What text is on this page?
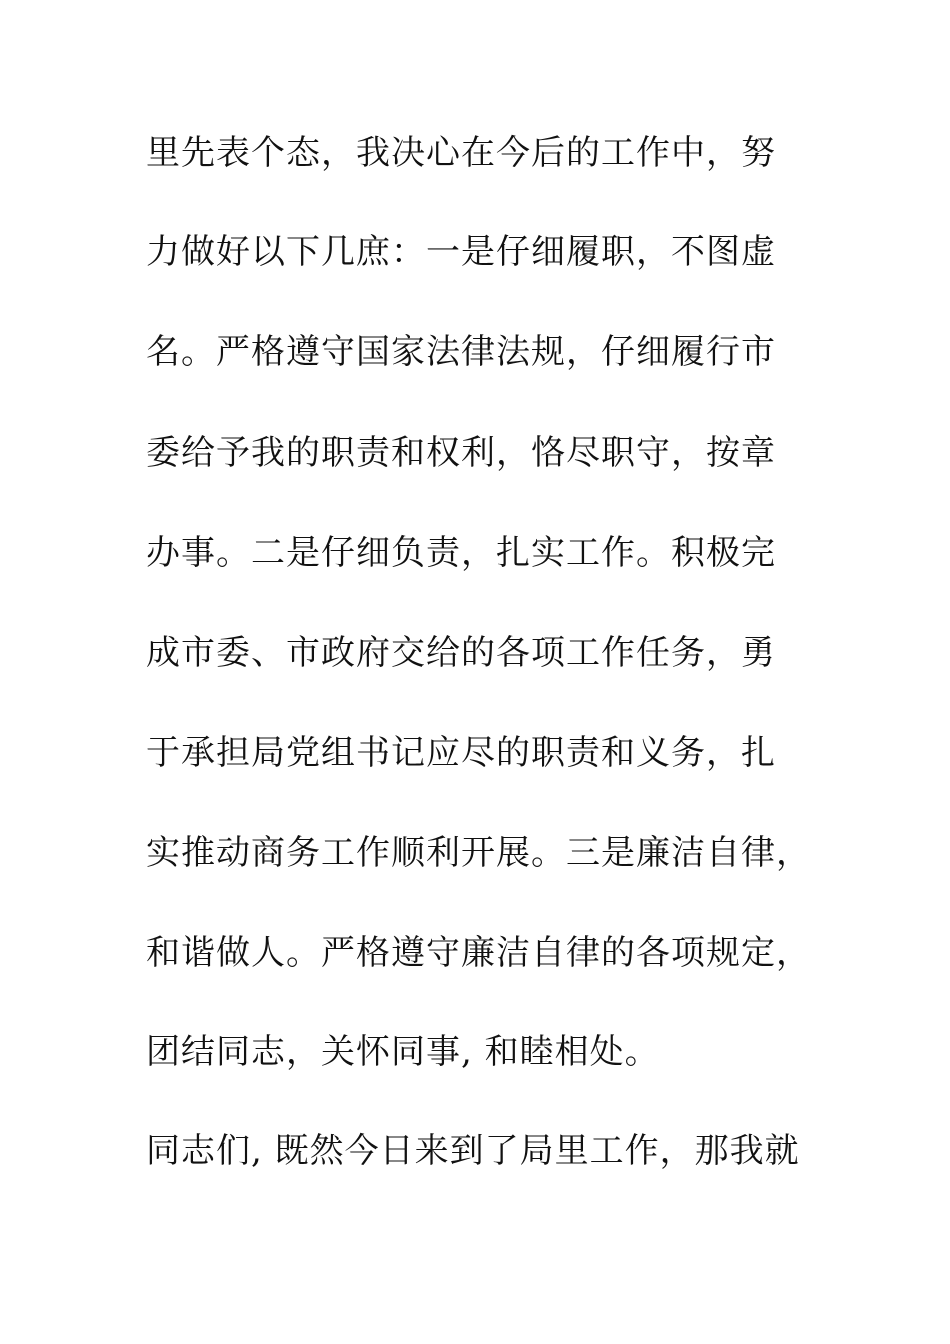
里先表个态，我决心在今后的工作中，努

力做好以下几庶：一是仔细履职，不图虚

名。严格遵守国家法律法规，仔细履行市

委给予我的职责和权利，恪尽职守，按章

办事。二是仔细负责，扎实工作。积极完

成市委、市政府交给的各项工作任务，勇

于承担局党组书记应尽的职责和义务，扎

实推动商务工作顺利开展。三是廉洁自律，

和谐做人。严格遵守廉洁自律的各项规定，

团结同志，关怀同事, 和睦相处。

同志们, 既然今日来到了局里工作，那我就
